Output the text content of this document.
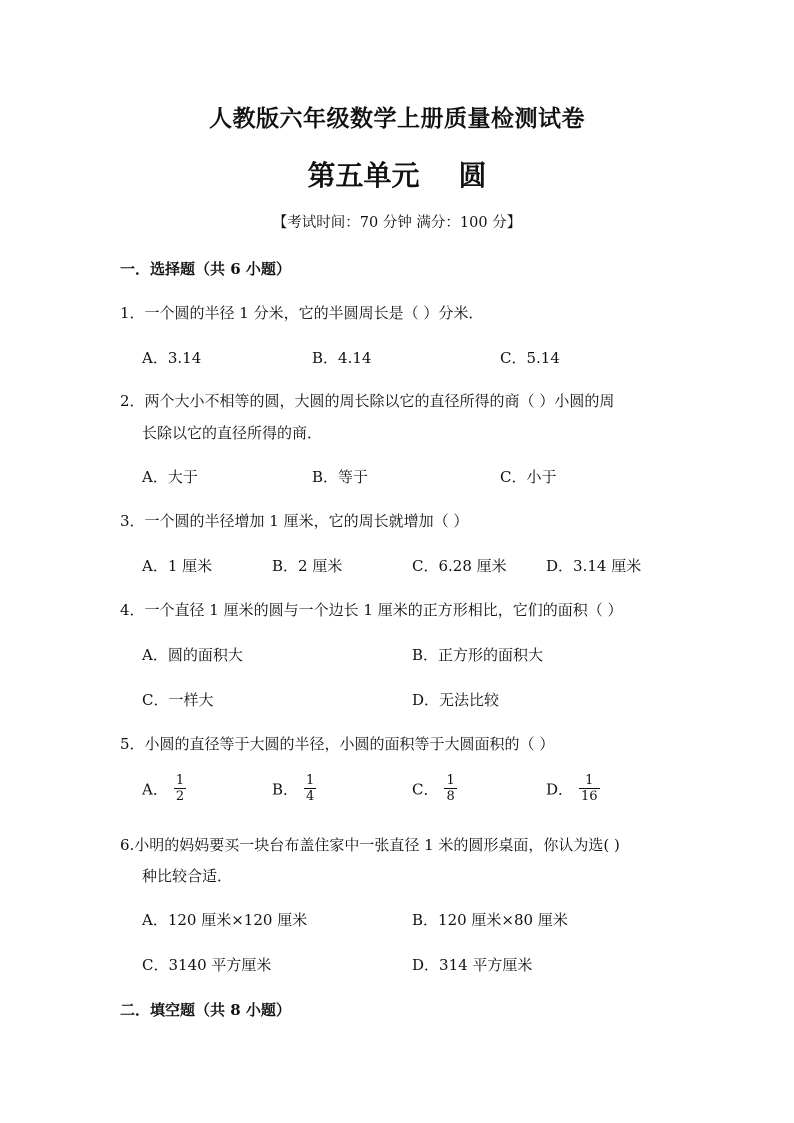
人教版六年级数学上册质量检测试卷
第五单元    圆
【考试时间：70 分钟 满分：100 分】
一．选择题（共 6 小题）
1．一个圆的半径 1 分米，它的半圆周长是（ ）分米．
A．3.14	B．4.14	C．5.14
2．两个大小不相等的圆，大圆的周长除以它的直径所得的商（ ）小圆的周
长除以它的直径所得的商．
A．大于	B．等于	C．小于
3．一个圆的半径增加 1 厘米，它的周长就增加（ ）
A．1 厘米	B．2 厘米	C．6.28 厘米	D．3.14 厘米
4．一个直径 1 厘米的圆与一个边长 1 厘米的正方形相比，它们的面积（ ）
A．圆的面积大	B．正方形的面积大
C．一样大	D．无法比较
5．小圆的直径等于大圆的半径，小圆的面积等于大圆面积的（ ）
A． $\frac{1}{2}$	B． $\frac{1}{4}$	C． $\frac{1}{8}$	D． $\frac{1}{16}$
6.小明的妈妈要买一块台布盖住家中一张直径 1 米的圆形桌面，你认为选( )
种比较合适．
A．120 厘米×120 厘米	B．120 厘米×80 厘米
C．3140 平方厘米	D．314 平方厘米
二．填空题（共 8 小题）
